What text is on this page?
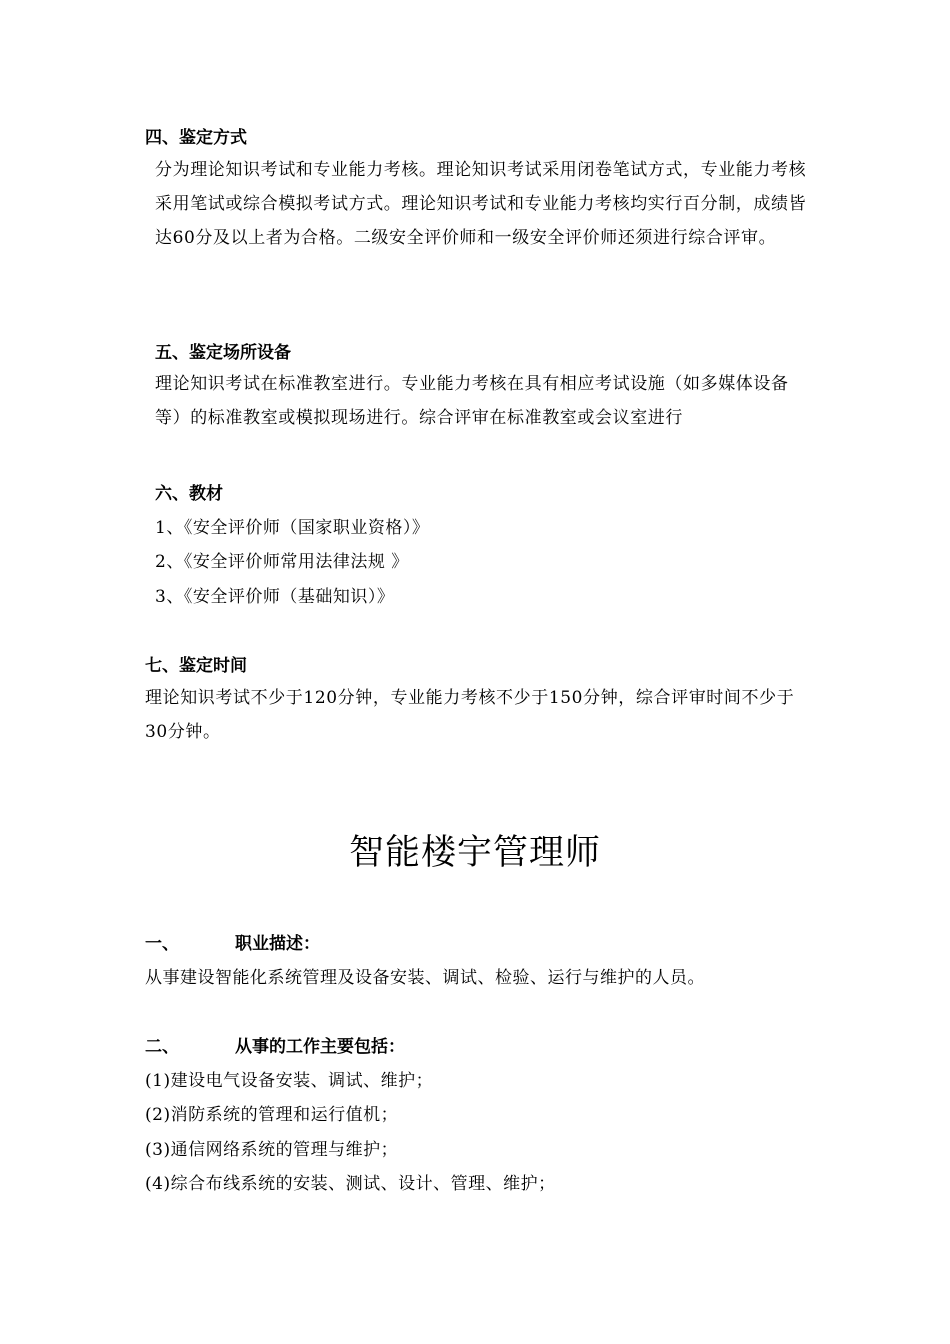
四、鉴定方式
分为理论知识考试和专业能力考核。理论知识考试采用闭卷笔试方式，专业能力考核采用笔试或综合模拟考试方式。理论知识考试和专业能力考核均实行百分制，成绩皆达60分及以上者为合格。二级安全评价师和一级安全评价师还须进行综合评审。
五、鉴定场所设备
理论知识考试在标准教室进行。专业能力考核在具有相应考试设施（如多媒体设备等）的标准教室或模拟现场进行。综合评审在标准教室或会议室进行
六、教材
1、《安全评价师（国家职业资格）》
2、《安全评价师常用法律法规 》
3、《安全评价师（基础知识）》
七、鉴定时间
理论知识考试不少于120分钟，专业能力考核不少于150分钟，综合评审时间不少于30分钟。
智能楼宇管理师
一、	职业描述：
从事建设智能化系统管理及设备安装、调试、检验、运行与维护的人员。
二、	从事的工作主要包括：
(1)建设电气设备安装、调试、维护；
(2)消防系统的管理和运行值机；
(3)通信网络系统的管理与维护；
(4)综合布线系统的安装、测试、设计、管理、维护；
